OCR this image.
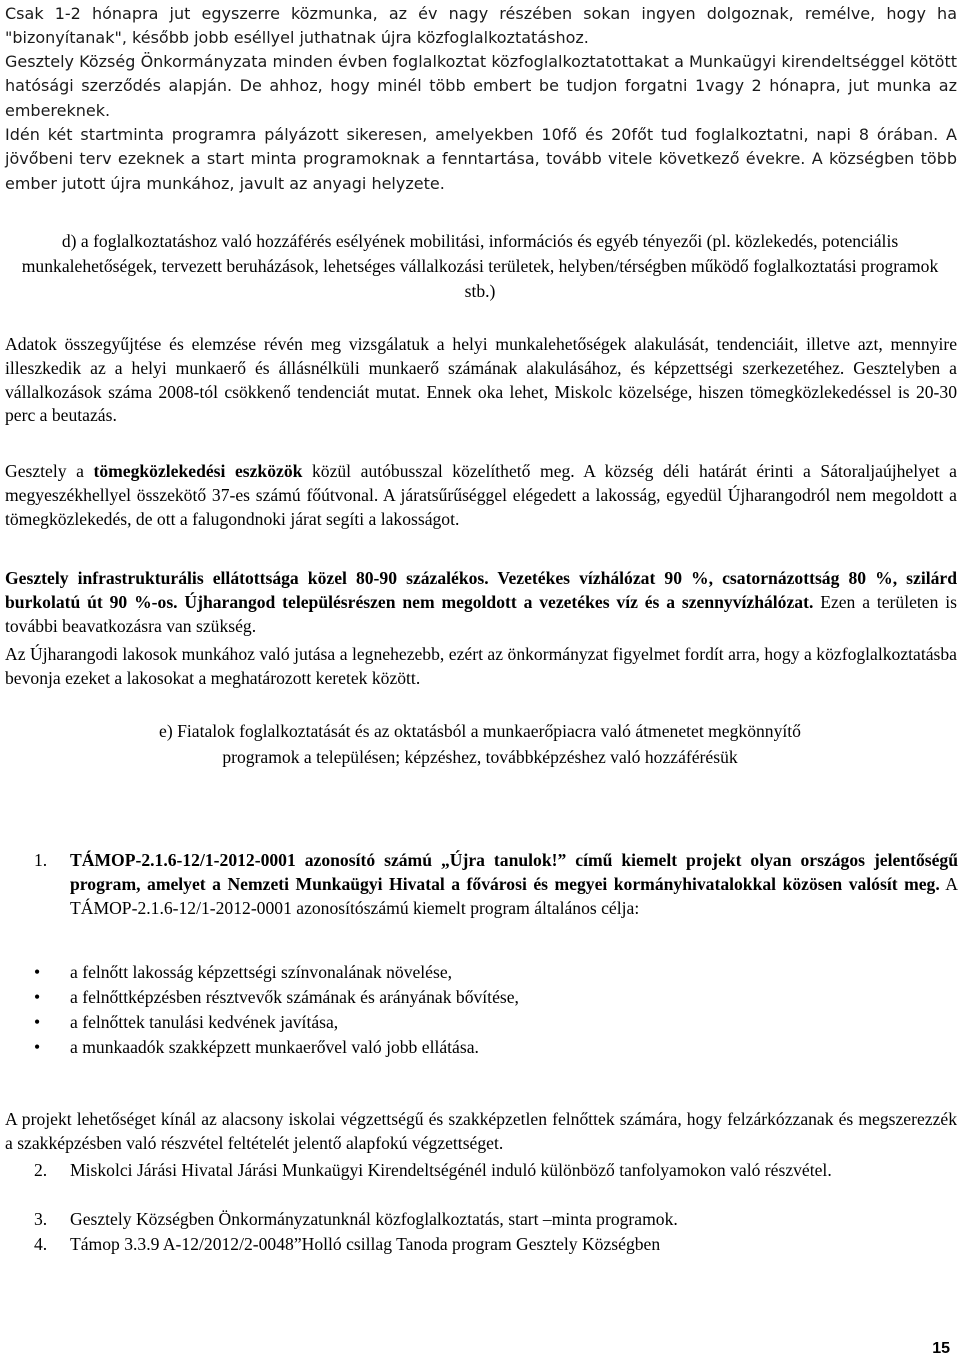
Csak 1-2 hónapra jut egyszerre közmunka, az év nagy részében sokan ingyen dolgoznak, remélve, hogy ha "bizonyítanak", később jobb eséllyel juthatnak újra közfoglalkoztatáshoz.

Gesztely Község Önkormányzata minden évben foglalkoztat közfoglalkoztatottakat a Munkaügyi kirendeltséggel kötött hatósági szerződés alapján. De ahhoz, hogy minél több embert be tudjon forgatni 1vagy 2 hónapra, jut munka az embereknek.

Idén két startminta programra pályázott sikeresen, amelyekben 10fő és 20főt tud foglalkoztatni, napi 8 órában. A jövőbeni terv ezeknek a start minta programoknak a fenntartása, tovább vitele következő évekre. A községben több ember jutott újra munkához, javult az anyagi helyzete.

d) a foglalkoztatáshoz való hozzáférés esélyének mobilitási, információs és egyéb tényezői (pl. közlekedés, potenciális munkalehetőségek, tervezett beruházások, lehetséges vállalkozási területek, helyben/térségben működő foglalkoztatási programok stb.)

Adatok összegyűjtése és elemzése révén meg vizsgálatuk a helyi munkalehetőségek alakulását, tendenciáit, illetve azt, mennyire illeszkedik az a helyi munkaerő és állásnélküli munkaerő számának alakulásához, és képzettségi szerkezetéhez. Gesztelyben a vállalkozások száma 2008-tól csökkenő tendenciát mutat. Ennek oka lehet, Miskolc közelsége, hiszen tömegközlekedéssel is 20-30 perc a beutazás.

Gesztely a tömegközlekedési eszközök közül autóbusszal közelíthető meg. A község déli határát érinti a Sátoraljaújhelyet a megyeszékhellyel összekötő 37-es számú főútvonal. A járatsűrűséggel elégedett a lakosság, egyedül Újharangodról nem megoldott a tömegközlekedés, de ott a falugondnoki járat segíti a lakosságot.

Gesztely infrastrukturális ellátottsága közel 80-90 százalékos. Vezetékes vízhálózat 90 %, csatornázottság 80 %, szilárd burkolatú út 90 %-os. Újharangod településrészen nem megoldott a vezetékes víz és a szennyvízhálózat. Ezen a területen is további beavatkozásra van szükség.

Az Újharangodi lakosok munkához való jutása a legnehezebb, ezért az önkormányzat figyelmet fordít arra, hogy a közfoglalkoztatásba bevonja ezeket a lakosokat a meghatározott keretek között.

e) Fiatalok foglalkoztatását és az oktatásból a munkaerőpiacra való átmenetet megkönnyítő

programok a településen; képzéshez, továbbképzéshez való hozzáférésük

1. TÁMOP-2.1.6-12/1-2012-0001 azonosító számú „Újra tanulok!” című kiemelt projekt olyan országos jelentőségű program, amelyet a Nemzeti Munkaügyi Hivatal a fővárosi és megyei kormányhivatalokkal közösen valósít meg. A TÁMOP-2.1.6-12/1-2012-0001 azonosítószámú kiemelt program általános célja:

• a felnőtt lakosság képzettségi színvonalának növelése,
• a felnőttképzésben résztvevők számának és arányának bővítése,
• a felnőttek tanulási kedvének javítása,
• a munkaadók szakképzett munkaerővel való jobb ellátása.

A projekt lehetőséget kínál az alacsony iskolai végzettségű és szakképzetlen felnőttek számára, hogy felzárkózzanak és megszerezzék a szakképzésben való részvétel feltételét jelentő alapfokú végzettséget.

2. Miskolci Járási Hivatal Járási Munkaügyi Kirendeltségénél induló különböző tanfolyamokon való részvétel.

3. Gesztely Községben Önkormányzatunknál közfoglalkoztatás, start –minta programok.

4. Támop 3.3.9 A-12/2012/2-0048”Holló csillag Tanoda program Gesztely Községben

15
